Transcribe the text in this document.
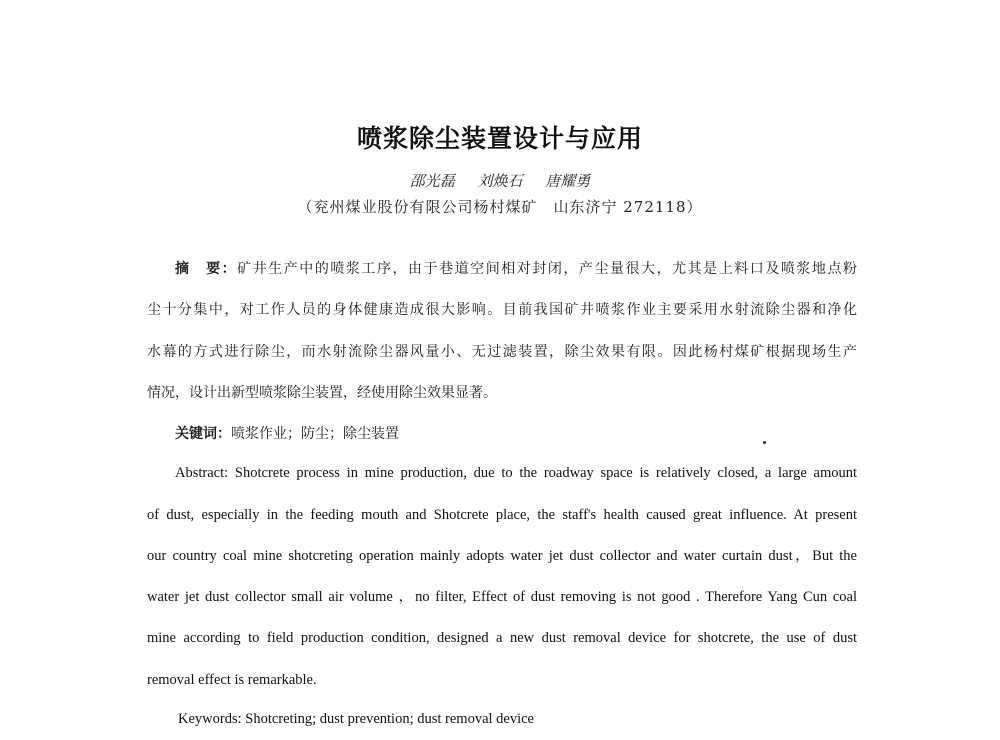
喷浆除尘装置设计与应用
邵光磊 刘焕石 唐耀勇
（兖州煤业股份有限公司杨村煤矿　山东济宁 272118）
摘　要：矿井生产中的喷浆工序，由于巷道空间相对封闭，产尘量很大，尤其是上料口及喷浆地点粉
尘十分集中，对工作人员的身体健康造成很大影响。目前我国矿井喷浆作业主要采用水射流除尘器和净化
水幕的方式进行除尘，而水射流除尘器风量小、无过滤装置，除尘效果有限。因此杨村煤矿根据现场生产
情况，设计出新型喷浆除尘装置，经使用除尘效果显著。
关键词：喷浆作业；防尘；除尘装置
Abstract: Shotcrete process in mine production, due to the roadway space is relatively closed, a large amount
of dust, especially in the feeding mouth and Shotcrete place, the staff's health caused great influence. At present
our country coal mine shotcreting operation mainly adopts water jet dust collector and water curtain dust，But the
water jet dust collector small air volume ，no filter, Effect of dust removing is not good . Therefore Yang Cun coal
mine according to field production condition, designed a new dust removal device for shotcrete, the use of dust
removal effect is remarkable.
Keywords: Shotcreting; dust prevention; dust removal device
